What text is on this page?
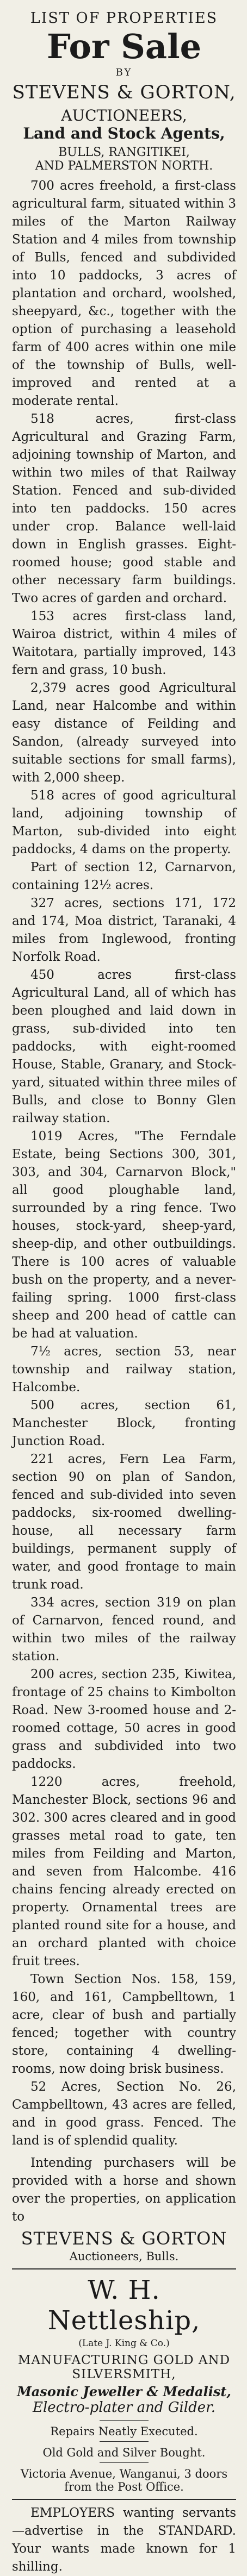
LIST OF PROPERTIES
For Sale
BY
STEVENS & GORTON,
AUCTIONEERS,
Land and Stock Agents,
BULLS, RANGITIKEI,
AND PALMERSTON NORTH.

700 acres freehold, a first-class agricultural farm, situated within 3 miles of the Marton Railway Station and 4 miles from township of Bulls, fenced and subdivided into 10 paddocks, 3 acres of plantation and orchard, woolshed, sheepyard, &c., together with the option of purchasing a leasehold farm of 400 acres within one mile of the township of Bulls, well-improved and rented at a moderate rental.

518 acres, first-class Agricultural and Grazing Farm, adjoining township of Marton, and within two miles of that Railway Station. Fenced and sub-divided into ten paddocks. 150 acres under crop. Balance well-laid down in English grasses. Eight-roomed house; good stable and other necessary farm buildings. Two acres of garden and orchard.

153 acres first-class land, Wairoa district, within 4 miles of Waitotara, partially improved, 143 fern and grass, 10 bush.

2,379 acres good Agricultural Land, near Halcombe and within easy distance of Feilding and Sandon, (already surveyed into suitable sections for small farms), with 2,000 sheep.

518 acres of good agricultural land, adjoining township of Marton, sub-divided into eight paddocks, 4 dams on the property.

Part of section 12, Carnarvon, containing 12½ acres.

327 acres, sections 171, 172 and 174, Moa district, Taranaki, 4 miles from Inglewood, fronting Norfolk Road.

450 acres first-class Agricultural Land, all of which has been ploughed and laid down in grass, sub-divided into ten paddocks, with eight-roomed House, Stable, Granary, and Stock-yard, situated within three miles of Bulls, and close to Bonny Glen railway station.

1019 Acres, "The Ferndale Estate, being Sections 300, 301, 303, and 304, Carnarvon Block," all good ploughable land, surrounded by a ring fence. Two houses, stock-yard, sheep-yard, sheep-dip, and other outbuildings. There is 100 acres of valuable bush on the property, and a never-failing spring. 1000 first-class sheep and 200 head of cattle can be had at valuation.

7½ acres, section 53, near township and railway station, Halcombe.

500 acres, section 61, Manchester Block, fronting Junction Road.

221 acres, Fern Lea Farm, section 90 on plan of Sandon, fenced and sub-divided into seven paddocks, six-roomed dwelling-house, all necessary farm buildings, permanent supply of water, and good frontage to main trunk road.

334 acres, section 319 on plan of Carnarvon, fenced round, and within two miles of the railway station.

200 acres, section 235, Kiwitea, frontage of 25 chains to Kimbolton Road. New 3-roomed house and 2-roomed cottage, 50 acres in good grass and subdivided into two paddocks.

1220 acres, freehold, Manchester Block, sections 96 and 302. 300 acres cleared and in good grasses metal road to gate, ten miles from Feilding and Marton, and seven from Halcombe. 416 chains fencing already erected on property. Ornamental trees are planted round site for a house, and an orchard planted with choice fruit trees.

Town Section Nos. 158, 159, 160, and 161, Campbelltown, 1 acre, clear of bush and partially fenced; together with country store, containing 4 dwelling-rooms, now doing brisk business.

52 Acres, Section No. 26, Campbelltown, 43 acres are felled, and in good grass. Fenced. The land is of splendid quality.

Intending purchasers will be provided with a horse and shown over the properties, on application to

STEVENS & GORTON
Auctioneers, Bulls.
W. H. Nettleship,
(Late J. King & Co.)
MANUFACTURING GOLD AND
SILVERSMITH,
Masonic Jeweller & Medalist,
Electro-plater and Gilder.
Repairs Neatly Executed.
Old Gold and Silver Bought.
Victoria Avenue, Wanganui, 3 doors
from the Post Office.

EMPLOYERS wanting servants—advertise in the STANDARD. Your wants made known for 1 shilling.
